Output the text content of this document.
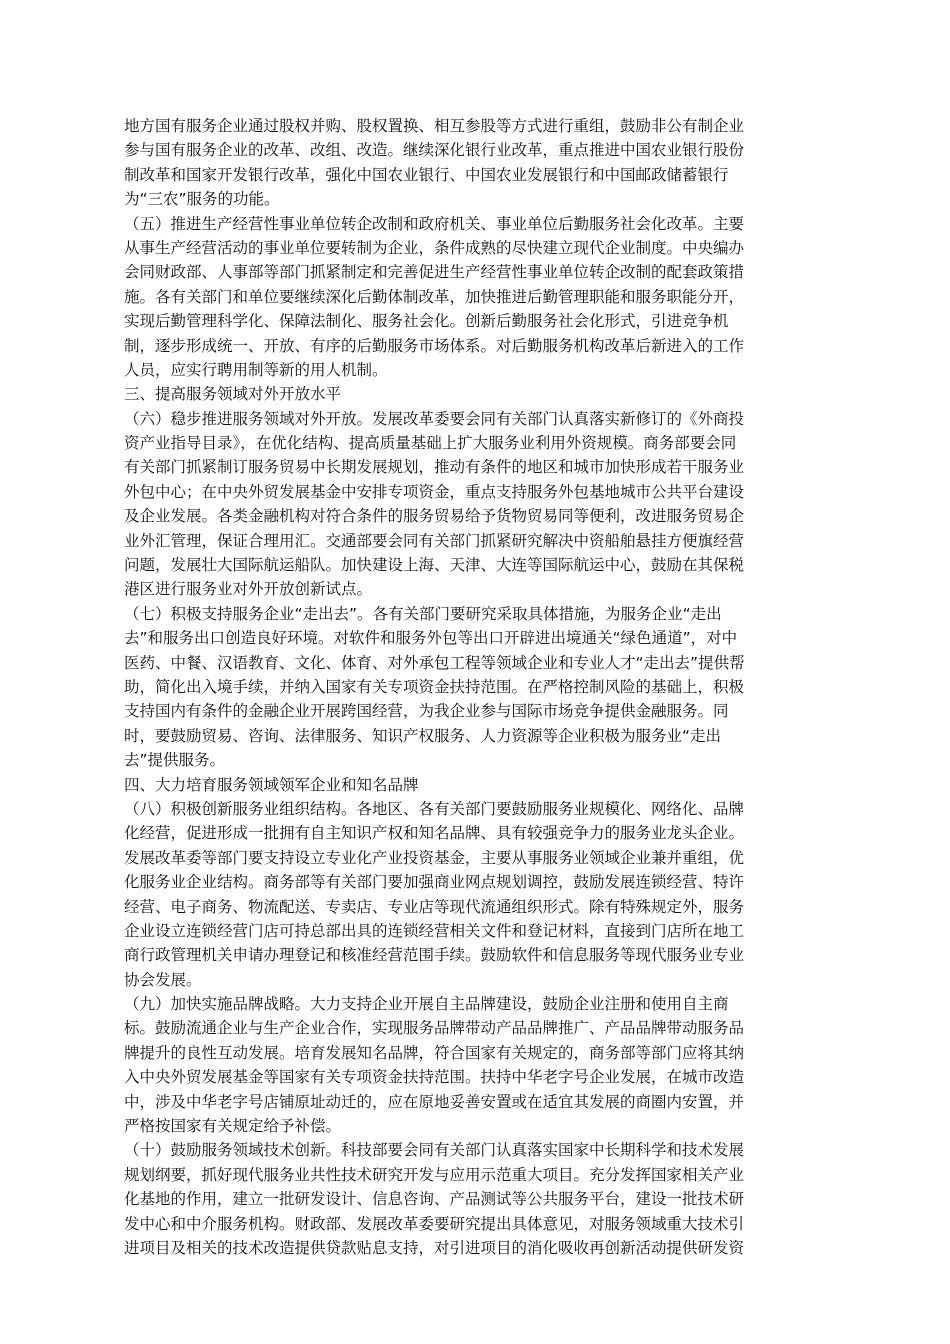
地方国有服务企业通过股权并购、股权置换、相互参股等方式进行重组，鼓励非公有制企业
参与国有服务企业的改革、改组、改造。继续深化银行业改革，重点推进中国农业银行股份
制改革和国家开发银行改革，强化中国农业银行、中国农业发展银行和中国邮政储蓄银行
为“三农”服务的功能。
（五）推进生产经营性事业单位转企改制和政府机关、事业单位后勤服务社会化改革。主要
从事生产经营活动的事业单位要转制为企业，条件成熟的尽快建立现代企业制度。中央编办
会同财政部、人事部等部门抓紧制定和完善促进生产经营性事业单位转企改制的配套政策措
施。各有关部门和单位要继续深化后勤体制改革，加快推进后勤管理职能和服务职能分开，
实现后勤管理科学化、保障法制化、服务社会化。创新后勤服务社会化形式，引进竞争机
制，逐步形成统一、开放、有序的后勤服务市场体系。对后勤服务机构改革后新进入的工作
人员，应实行聘用制等新的用人机制。
三、提高服务领域对外开放水平
（六）稳步推进服务领域对外开放。发展改革委要会同有关部门认真落实新修订的《外商投
资产业指导目录》，在优化结构、提高质量基础上扩大服务业利用外资规模。商务部要会同
有关部门抓紧制订服务贸易中长期发展规划，推动有条件的地区和城市加快形成若干服务业
外包中心；在中央外贸发展基金中安排专项资金，重点支持服务外包基地城市公共平台建设
及企业发展。各类金融机构对符合条件的服务贸易给予货物贸易同等便利，改进服务贸易企
业外汇管理，保证合理用汇。交通部要会同有关部门抓紧研究解决中资船舶悬挂方便旗经营
问题，发展壮大国际航运船队。加快建设上海、天津、大连等国际航运中心，鼓励在其保税
港区进行服务业对外开放创新试点。
（七）积极支持服务企业“走出去”。各有关部门要研究采取具体措施，为服务企业“走出
去”和服务出口创造良好环境。对软件和服务外包等出口开辟进出境通关“绿色通道”，对中
医药、中餐、汉语教育、文化、体育、对外承包工程等领域企业和专业人才“走出去”提供帮
助，简化出入境手续，并纳入国家有关专项资金扶持范围。在严格控制风险的基础上，积极
支持国内有条件的金融企业开展跨国经营，为我企业参与国际市场竞争提供金融服务。同
时，要鼓励贸易、咨询、法律服务、知识产权服务、人力资源等企业积极为服务业“走出
去”提供服务。
四、大力培育服务领域领军企业和知名品牌
（八）积极创新服务业组织结构。各地区、各有关部门要鼓励服务业规模化、网络化、品牌
化经营，促进形成一批拥有自主知识产权和知名品牌、具有较强竞争力的服务业龙头企业。
发展改革委等部门要支持设立专业化产业投资基金，主要从事服务业领域企业兼并重组，优
化服务业企业结构。商务部等有关部门要加强商业网点规划调控，鼓励发展连锁经营、特许
经营、电子商务、物流配送、专卖店、专业店等现代流通组织形式。除有特殊规定外，服务
企业设立连锁经营门店可持总部出具的连锁经营相关文件和登记材料，直接到门店所在地工
商行政管理机关申请办理登记和核准经营范围手续。鼓励软件和信息服务等现代服务业专业
协会发展。
（九）加快实施品牌战略。大力支持企业开展自主品牌建设，鼓励企业注册和使用自主商
标。鼓励流通企业与生产企业合作，实现服务品牌带动产品品牌推广、产品品牌带动服务品
牌提升的良性互动发展。培育发展知名品牌，符合国家有关规定的，商务部等部门应将其纳
入中央外贸发展基金等国家有关专项资金扶持范围。扶持中华老字号企业发展，在城市改造
中，涉及中华老字号店铺原址动迁的，应在原地妥善安置或在适宜其发展的商圈内安置，并
严格按国家有关规定给予补偿。
（十）鼓励服务领域技术创新。科技部要会同有关部门认真落实国家中长期科学和技术发展
规划纲要，抓好现代服务业共性技术研究开发与应用示范重大项目。充分发挥国家相关产业
化基地的作用，建立一批研发设计、信息咨询、产品测试等公共服务平台，建设一批技术研
发中心和中介服务机构。财政部、发展改革委要研究提出具体意见，对服务领域重大技术引
进项目及相关的技术改造提供贷款贴息支持，对引进项目的消化吸收再创新活动提供研发资
